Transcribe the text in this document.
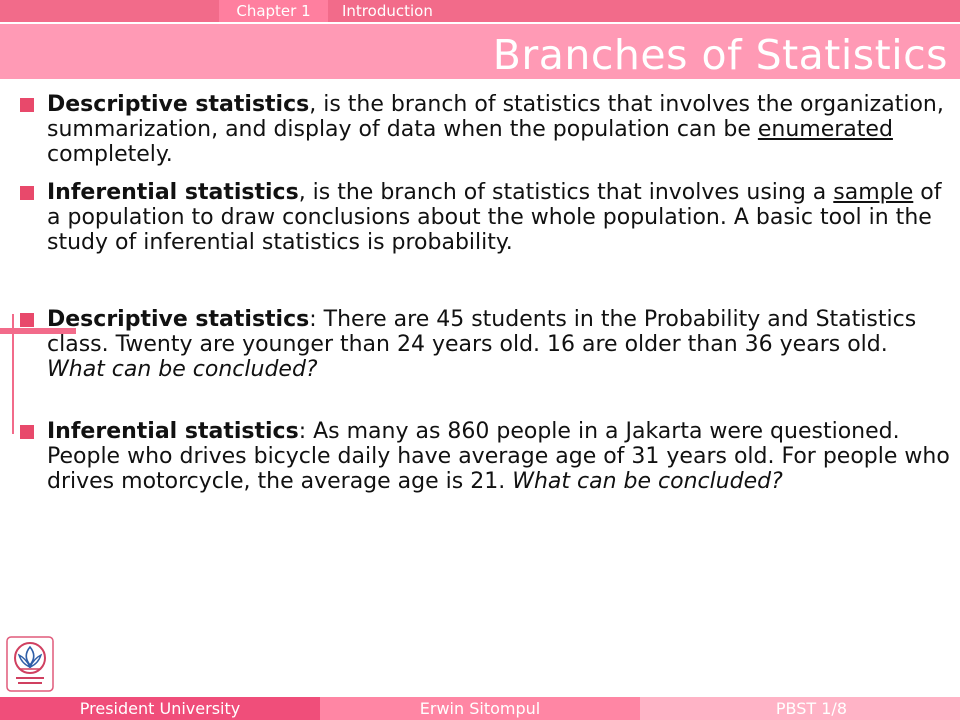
Chapter 1	Introduction
Branches of Statistics
Descriptive statistics, is the branch of statistics that involves the organization, summarization, and display of data when the population can be enumerated completely.
Inferential statistics, is the branch of statistics that involves using a sample of a population to draw conclusions about the whole population. A basic tool in the study of inferential statistics is probability.
Descriptive statistics: There are 45 students in the Probability and Statistics class. Twenty are younger than 24 years old. 16 are older than 36 years old. What can be concluded?
Inferential statistics: As many as 860 people in a Jakarta were questioned. People who drives bicycle daily have average age of 31 years old. For people who drives motorcycle, the average age is 21. What can be concluded?
President University	Erwin Sitompul	PBST 1/8
